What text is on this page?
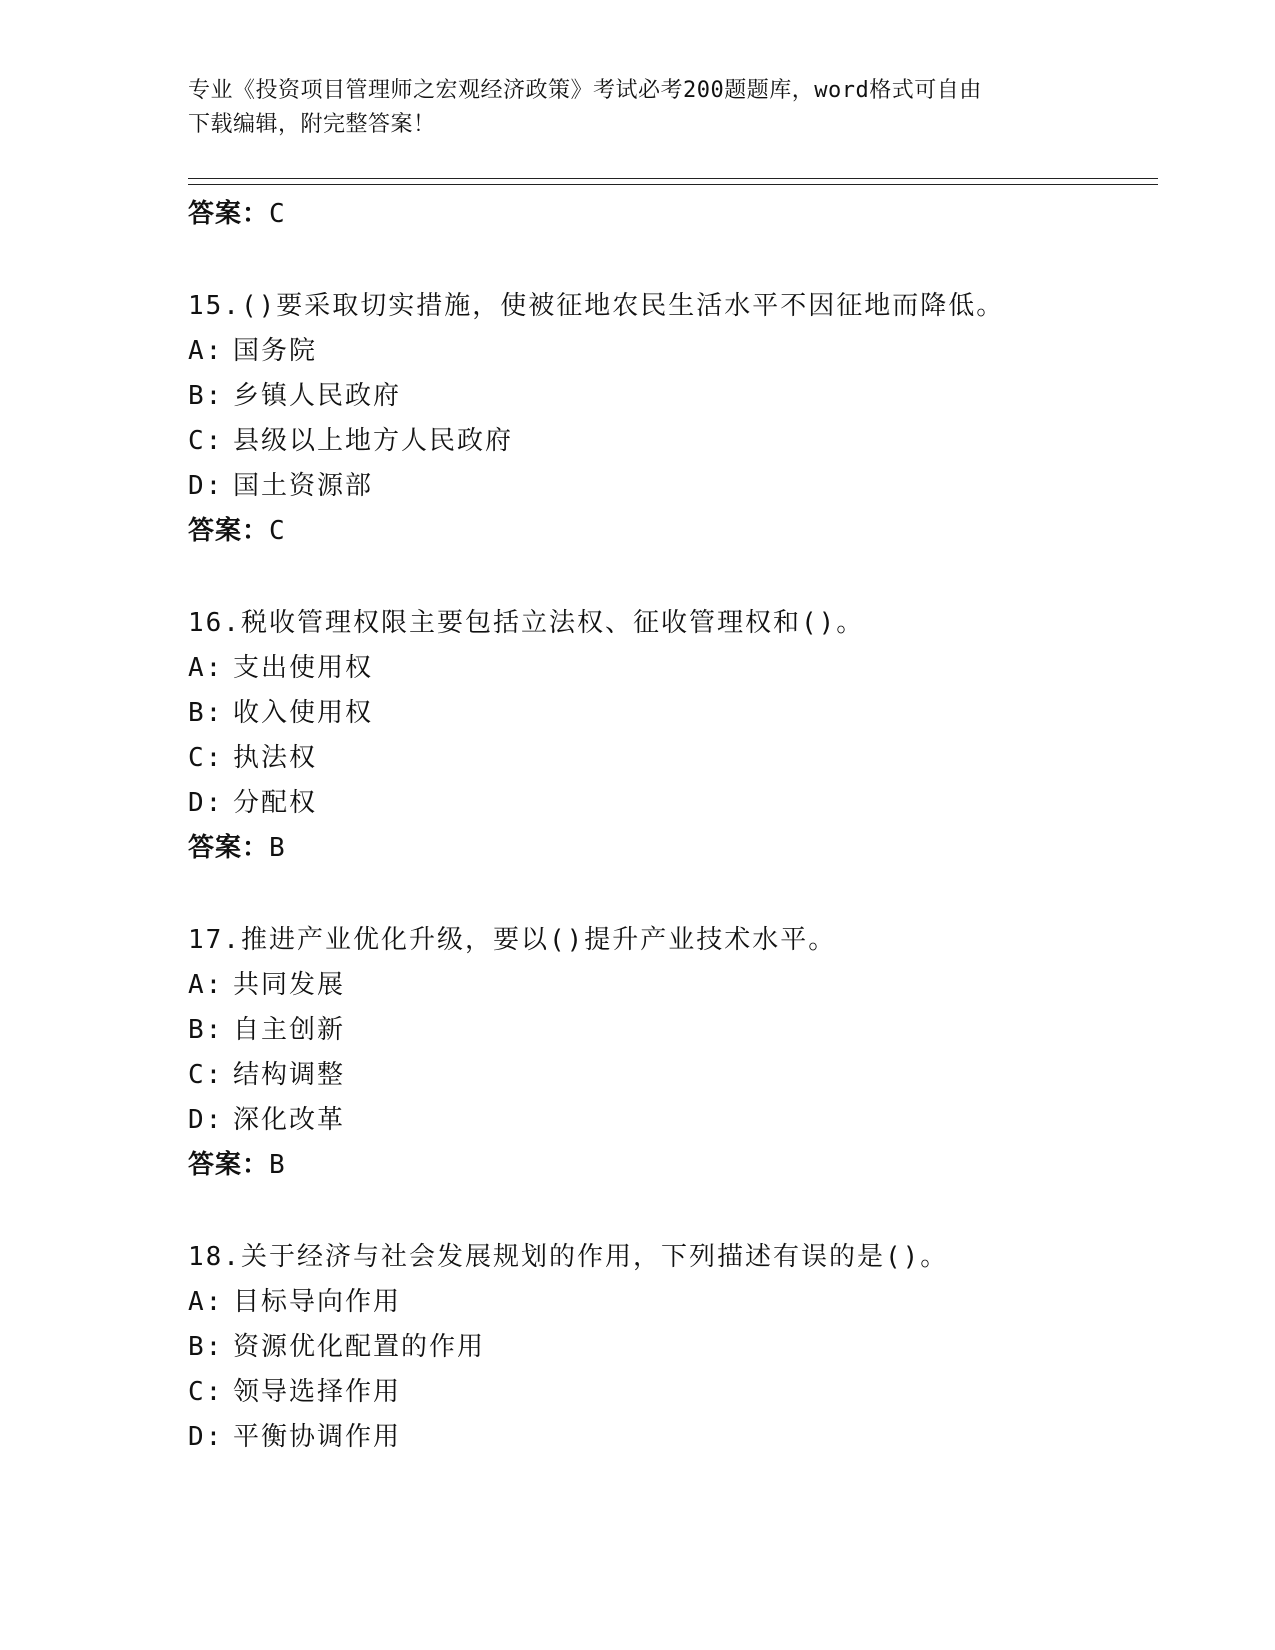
专业《投资项目管理师之宏观经济政策》考试必考200题题库，word格式可自由
下载编辑，附完整答案！
答案：C
15.()要采取切实措施，使被征地农民生活水平不因征地而降低。
A: 国务院
B: 乡镇人民政府
C: 县级以上地方人民政府
D: 国土资源部
答案：C
16.税收管理权限主要包括立法权、征收管理权和()。
A: 支出使用权
B: 收入使用权
C: 执法权
D: 分配权
答案：B
17.推进产业优化升级，要以()提升产业技术水平。
A: 共同发展
B: 自主创新
C: 结构调整
D: 深化改革
答案：B
18.关于经济与社会发展规划的作用，下列描述有误的是()。
A: 目标导向作用
B: 资源优化配置的作用
C: 领导选择作用
D: 平衡协调作用
